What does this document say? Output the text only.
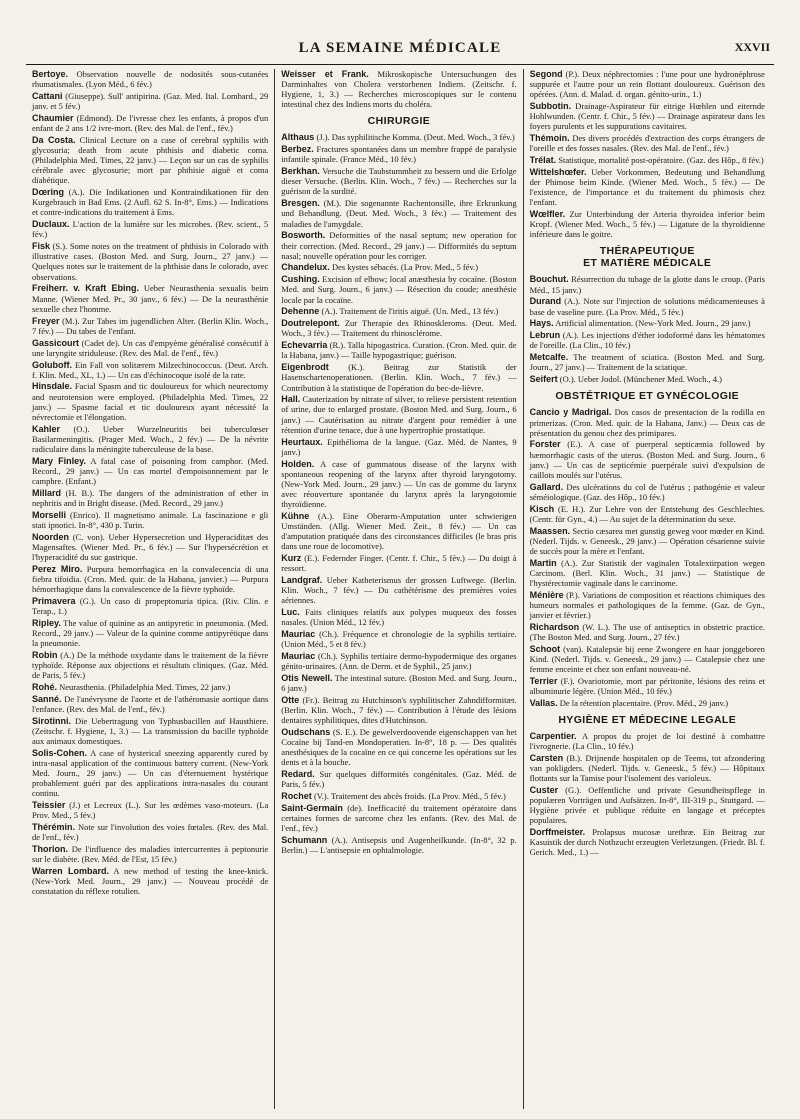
LA SEMAINE MÉDICALE	XXVII

Bertoye. Observation nouvelle de nodosités sous-cutanées rhumatismales. (Lyon Méd., 6 fév.)

Cattani (Giuseppe). Sull' antipirina. (Gaz. Med. Ital. Lombard., 29 janv. et 5 fév.)

Chaumier (Edmond). De l'ivresse chez les enfants, à propos d'un enfant de 2 ans 1/2 ivre-mort. (Rev. des Mal. de l'enf., fév.)

Da Costa. Clinical Lecture on a case of cerebral syphilis with glycosuria; death from acute phthisis and diabetic coma. (Philadelphia Med. Times, 22 janv.) — Leçon sur un cas de syphilis cérébrale avec glycosurie; mort par phthisie aiguë et coma diabétique.

Dœring (A.). Die Indikationen und Kontraindikationen für den Kurgebrauch in Bad Ems. (2 Aufl. 62 S. In-8°, Ems.) — Indications et contre-indications du traitement à Ems.

Duclaux. L'action de la lumière sur les microbes. (Rev. scient., 5 fév.)

Fisk (S.). Some notes on the treatment of phthisis in Colorado with illustrative cases. (Boston Med. and Surg. Journ., 27 janv.) — Quelques notes sur le traitement de la phthisie dans le colorado, avec observations.

Freiherr. v. Kraft Ebing. Ueber Neurasthenia sexualis beim Manne. (Wiener Med. Pr., 30 janv., 6 fév.) — De la neurasthénie sexuelle chez l'homme.

Freyer (M.). Zur Tabes im jugendlichen Alter. (Berlin Klin. Woch., 7 fév.) — Du tabes de l'enfant.

Gassicourt (Cadet de). Un cas d'empyème généralisé consécutif à une laryngite striduleuse. (Rev. des Mal. de l'enf., fév.)

Goluboff. Ein Fall von solitærem Milzechinococcus. (Deut. Arch. f. Klin. Med., XL, 1.) — Un cas d'échinocoque isolé de la rate.

Hinsdale. Facial Spasm and tic douloureux for which neurectomy and neurotension were employed. (Philadelphia Med. Times, 22 janv.) — Spasme facial et tic douloureux ayant nécessité la névrectomie et l'élongation.

Kahler (O.). Ueber Wurzelneuritis bei tuberculœser Basilarmeningitis. (Prager Med. Woch., 2 fév.) — De la névrite radiculaire dans la méningite tuberculeuse de la base.

Mary Finley. A fatal case of poisoning from camphor. (Med. Record., 29 janv.) — Un cas mortel d'empoisonnement par le camphre. (Enfant.)

Millard (H. B.). The dangers of the administration of ether in nephritis and in Bright disease. (Med. Record., 29 janv.)

Morselli (Enrico). Il magnetismo animale. La fascinazione e gli stati ipnotici. In-8°, 430 p. Turin.

Noorden (C. von). Ueber Hypersecretion und Hyperaciditæt des Magensaftes. (Wiener Med. Pr., 6 fév.) — Sur l'hypersécrétion et l'hyperacidité du suc gastrique.

Perez Miro. Purpura hemorrhagica en la convalecencia di una fiebra tifoidia. (Cron. Med. quir. de la Habana, janvier.) — Purpura hémorrhagique dans la convalescence de la fièvre typhoïde.

Primavera (G.). Un caso di propeptonuria tipica. (Riv. Clin. e Terap., 1.)

Ripley. The value of quinine as an antipyretic in pneumonia. (Med. Record., 29 janv.) — Valeur de la quinine comme antipyrétique dans la pneumonie.

Robin (A.) De la méthode oxydante dans le traitement de la fièvre typhoïde. Réponse aux objections et résultats cliniques. (Gaz. Méd. de Paris, 5 fév.)

Rohé. Neurasthenia. (Philadelphia Med. Times, 22 janv.)

Sanné. De l'anévrysme de l'aorte et de l'athéromasie aortique dans l'enfance. (Rev. des Mal. de l'enf., fév.)

Sirotinni. Die Uebertragung von Typhusbacillen auf Hausthiere. (Zeitschr. f. Hygiene, 1, 3.) — La transmission du bacille typhoïde aux animaux domestiques.

Solis-Cohen. A case of hysterical sneezing apparently cured by intra-nasal application of the continuous battery current. (New-York Med. Journ., 29 janv.) — Un cas d'éternuement hystérique probablement guéri par des applications intra-nasales du courant continu.

Teissier (J.) et Lecreux (L.). Sur les œdèmes vaso-moteurs. (La Prov. Med., 5 fév.)

Thérémin. Note sur l'involution des voies fœtales. (Rev. des Mal. de l'enf., fév.)

Thorion. De l'influence des maladies intercurrentes à peptonurie sur le diabète. (Rev. Méd. de l'Est, 15 fév.)

Warren Lombard. A new method of testing the knee-knick. (New-York Med. Journ., 29 janv.) — Nouveau procédé de constatation du réflexe rotulien.

Weisser et Frank. Mikroskopische Untersuchungen des Darminhaltes von Cholera verstorbenen Indiern. (Zeitschr. f. Hygiene, 1, 3.) — Recherches microscopiques sur le contenu intestinal chez des Indiens morts du choléra.

CHIRURGIE

Althaus (J.). Das syphilitische Komma. (Deut. Med. Woch., 3 fév.)

Berbez. Fractures spontanées dans un membre frappé de paralysie infantile spinale. (France Méd., 10 fév.)

Berkhan. Versuche die Taubstummheit zu bessern und die Erfolge dieser Versuche. (Berlin. Klin. Woch., 7 fév.) — Recherches sur la guérison de la surdité.

Bresgen. (M.). Die sogenannte Rachentonsille, ihre Erkrankung und Behandlung. (Deut. Med. Woch., 3 fév.) — Traitement des maladies de l'amygdale.

Bosworth. Deformities of the nasal septum; new operation for their correction. (Med. Record., 29 janv.) — Difformités du septum nasal; nouvelle opération pour les corriger.

Chandelux. Des kystes sébacés. (La Prov. Med., 5 fév.)

Cushing. Excision of elbow; local anæsthesia by cocaïne. (Boston Med. and Surg. Journ., 6 janv.) — Résection du coude; anesthésie locale par la cocaïne.

Dehenne (A.). Traitement de l'iritis aiguë. (Un. Med., 13 fév.)

Doutrelepont. Zur Therapie des Rhinoskleroms. (Deut. Med. Woch., 3 fév.) — Traitement du rhinosclérome.

Echevarria (R.). Talla hipogastrica. Curation. (Cron. Med. quir. de la Habana, janv.) — Taille hypogastrique; guérison.

Eigenbrodt (K.). Beitrag zur Statistik der Hasenschartenoperationen. (Berlin. Klin. Woch., 7 fév.) — Contribution à la statistique de l'opération du bec-de-lièvre.

Hall. Cauterization by nitrate of silver, to relieve persistent retention of urine, due to enlarged prostate. (Boston Med. and Surg. Journ., 6 janv.) — Cautérisation au nitrate d'argent pour remédier à une rétention d'urine tenace, due à une hypertrophie prostatique.

Heurtaux. Epithélioma de la langue. (Gaz. Méd. de Nantes, 9 janv.)

Holden. A case of gummatous disease of the larynx with spontaneous reopening of the larynx after thyroid laryngotomy. (New-York Med. Journ., 29 janv.) — Un cas de gomme du larynx avec réouverture spontanée du larynx après la laryngotomie thyroïdienne.

Kühne (A.). Eine Oberarm-Amputation unter schwierigen Umständen. (Allg. Wiener Med. Zeit., 8 fév.) — Un cas d'amputation pratiquée dans des circonstances difficiles (le bras pris dans une roue de locomotive).

Kurz (E.). Federnder Finger. (Centr. f. Chir., 5 fév.) — Du doigt à ressort.

Landgraf. Ueber Katheterismus der grossen Luftwege. (Berlin. Klin. Woch., 7 fév.) — Du cathétérisme des premières voies aériennes.

Luc. Faits cliniques relatifs aux polypes muqueux des fosses nasales. (Union Méd., 12 fév.)

Mauriac (Ch.). Fréquence et chronologie de la syphilis tertiaire. (Union Méd., 5 et 8 fév.)

Mauriac (Ch.). Syphilis tertiaire dermo-hypodermique des organes génito-urinaires. (Ann. de Derm. et de Syphil., 25 janv.)

Otis Newell. The intestinal suture. (Boston Med. and Surg. Journ., 6 janv.)

Otte (Fr.). Beitrag zu Hutchinson's syphilitischer Zahndifformitæt. (Berlin. Klin. Woch., 7 fév.) — Contribution à l'étude des lésions dentaires syphilitiques, dites d'Hutchinson.

Oudschans (S. E.). De gewelverdoovende eigenschappen van het Cocaïne bij Tand-en Mondoperatien. In-8°, 18 p. — Des qualités anesthésiques de la cocaïne en ce qui concerne les opérations sur les dents et à la bouche.

Redard. Sur quelques difformités congénitales. (Gaz. Méd. de Paris, 5 fév.)

Rochet (V.). Traitement des abcès froids. (La Prov. Méd., 5 fév.)

Saint-Germain (de). Inefficacité du traitement opératoire dans certaines formes de sarcome chez les enfants. (Rev. des Mal. de l'enf., fév.)

Schumann (A.). Antisepsis und Augenheilkunde. (In-8°, 32 p. Berlin.) — L'antisepsie en ophtalmologie.

Segond (P.). Deux néphrectomies : l'une pour une hydronéphrose suppurée et l'autre pour un rein flottant douloureux. Guérison des opérées. (Ann. d. Malad. d. organ. génito-urin., 1.)

Subbotin. Drainage-Aspirateur für eitrige Hœhlen und eiternde Hohlwunden. (Centr. f. Chir., 5 fév.) — Drainage aspirateur dans les foyers purulents et les suppurations cavitaires.

Thémoin. Des divers procédés d'extraction des corps étrangers de l'oreille et des fosses nasales. (Rev. des Mal. de l'enf., fév.)

Trélat. Statistique, mortalité post-opératoire. (Gaz. des Hôp., 8 fév.)

Wittelshœfer. Ueber Vorkommen, Bedeutung und Behandlung der Phimose beim Kinde. (Wiener Med. Woch., 5 fév.) — De l'existence, de l'importance et du traitement du phimosis chez l'enfant.

Wœlfler. Zur Unterbindung der Arteria thyroidea inferior beim Kropf. (Wiener Med. Woch., 5 fév.) — Ligature de la thyroïdienne inférieure dans le goitre.

THÉRAPEUTIQUE
ET MATIÈRE MÉDICALE

Bouchut. Résurrection du tubage de la glotte dans le croup. (Paris Méd., 15 janv.)

Durand (A.). Note sur l'injection de solutions médicamenteuses à base de vaseline pure. (La Prov. Méd., 5 fév.)

Hays. Artificial alimentation. (New-York Med. Journ., 29 janv.)

Lebrun (A.). Les injections d'éther iodoformé dans les hématomes de l'oreille. (La Clin., 10 fév.)

Metcalfe. The treatment of sciatica. (Boston Med. and Surg. Journ., 27 janv.) — Traitement de la sciatique.

Seifert (O.). Ueber Jodol. (Münchener Med. Woch., 4.)

OBSTÉTRIQUE ET GYNÉCOLOGIE

Cancio y Madrigal. Dos casos de presentacion de la rodilla en primerizas. (Cron. Med. quir. de la Habana, Janv.) — Deux cas de présentation du genou chez des primipares.

Forster (E.). A case of puerperal septicæmia followed by hæmorrhagic casts of the uterus. (Boston Med. and Surg. Journ., 6 janv.) — Un cas de septicémie puerpérale suivi d'expulsion de caillots moulés sur l'utérus.

Gallard. Des ulcérations du col de l'utérus ; pathogénie et valeur séméiologique. (Gaz. des Hôp., 10 fév.)

Kisch (E. H.). Zur Lehre von der Entstehung des Geschlechtes. (Centr. für Gyn., 4.) — Au sujet de la détermination du sexe.

Maassen. Sectio cæsarea met gunstig geweg voor mœder en Kind. (Nederl. Tijds. v. Geneesk., 29 janv.) — Opération césarienne suivie de succès pour la mère et l'enfant.

Martin (A.). Zur Statistik der vaginalen Totalextirpation wegen Carcinom. (Berl. Klin. Woch., 31 janv.) — Statistique de l'hystérectomie vaginale dans le carcinome.

Ménière (P.). Variations de composition et réactions chimiques des humeurs normales et pathologiques de la femme. (Gaz. de Gyn., janvier et février.)

Richardson (W. L.). The use of antiseptics in obstetric practice. (The Boston Med. and Surg. Journ., 27 fév.)

Schoot (van). Katalepsie bij eene Zwongere en haar jonggeboren Kind. (Nederl. Tijds. v. Geneesk., 29 janv.) — Catalepsie chez une femme enceinte et chez son enfant nouveau-né.

Terrier (F.). Ovariotomie, mort par péritonite, lésions des reins et albuminurie légère. (Union Méd., 10 fév.)

Vallas. De la rétention placentaire. (Prov. Méd., 29 janv.)

HYGIÈNE ET MÉDECINE LEGALE

Carpentier. A propos du projet de loi destiné à combattre l'ivrognerie. (La Clin., 10 fév.)

Carsten (B.). Drijnende hospitalen op de Teems, tot afzondering van pokligders. (Nederl. Tijds. v. Geneesk., 5 fév.) — Hôpitaux flottants sur la Tamise pour l'isolement des varioleux.

Custer (G.). Oeffentliche und private Gesundheitspflege in populæren Vorträgen und Aufsätzen. In-8°, III-319 p., Stuttgard. — Hygiène privée et publique réduite en langage et préceptes populaires.

Dorffmeister. Prolapsus mucosæ urethræ. Ein Beitrag zur Kasuistik der durch Nothzucht erzeugten Verletzungen. (Friedr. Bl. f. Gerich. Med., 1.) —
